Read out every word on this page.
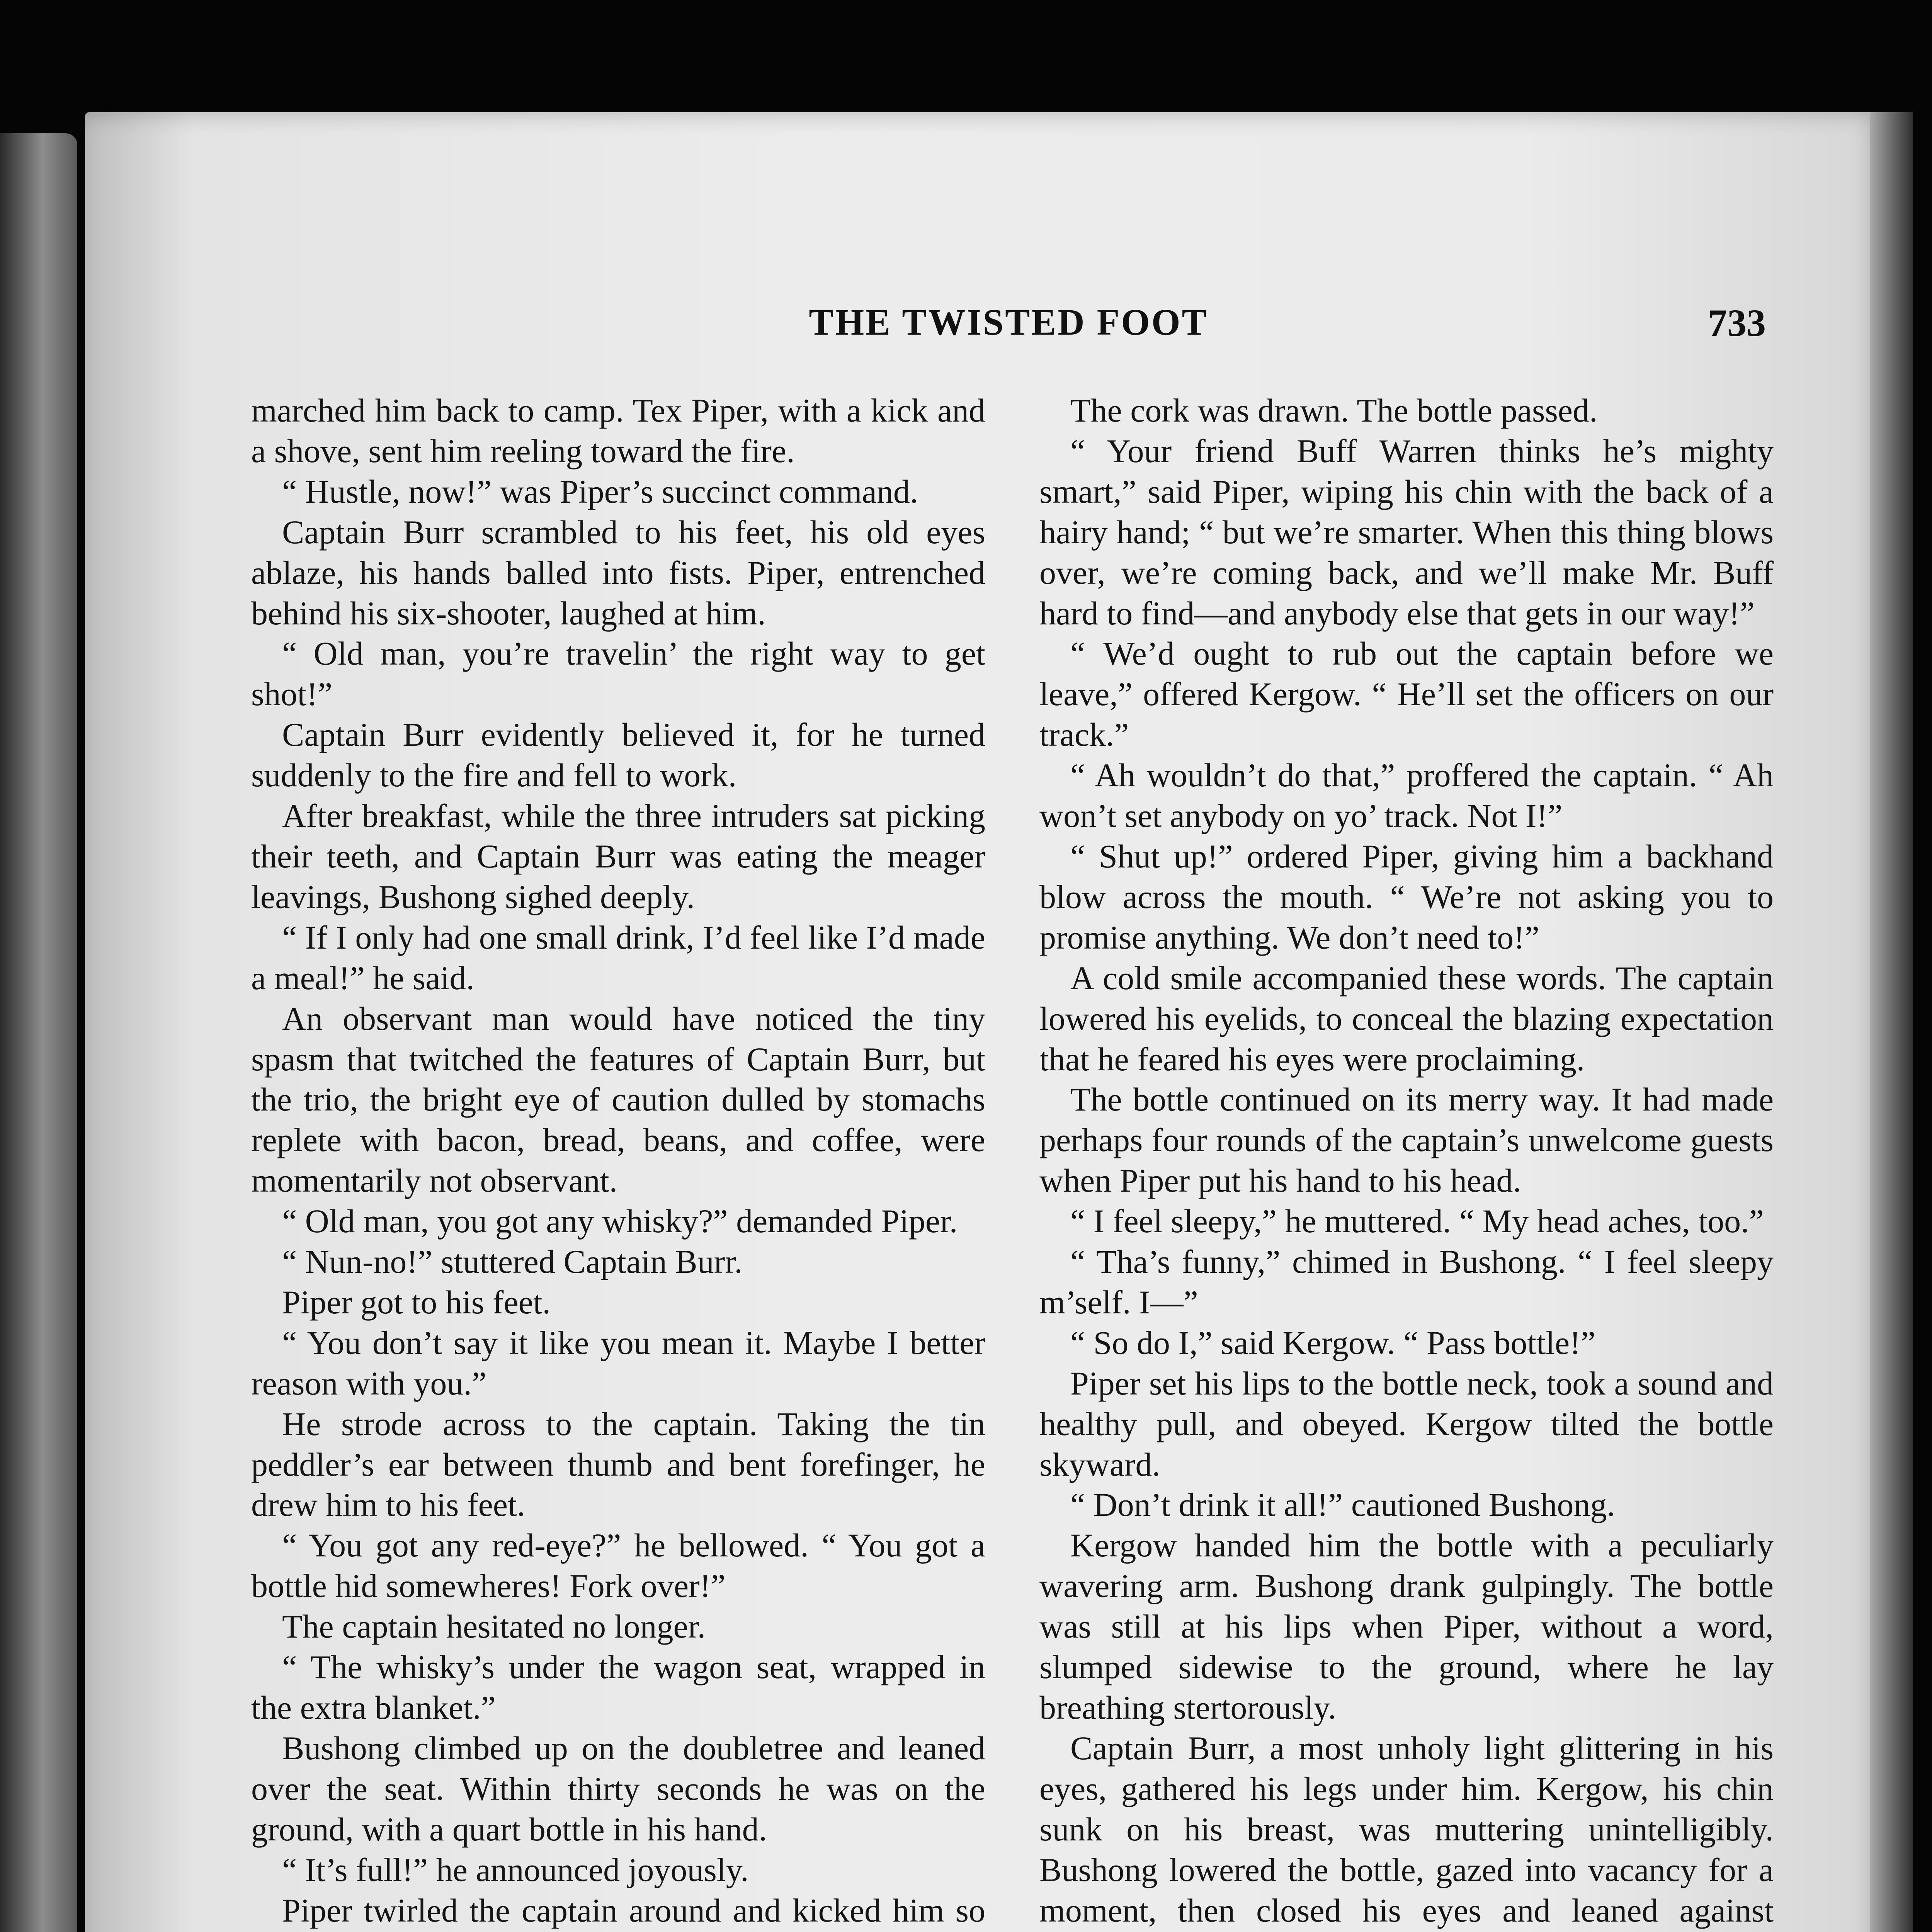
THE TWISTED FOOT	733

marched him back to camp. Tex Piper, with a kick and a shove, sent him reeling toward the fire.

“ Hustle, now!” was Piper’s succinct command.

Captain Burr scrambled to his feet, his old eyes ablaze, his hands balled into fists. Piper, entrenched behind his six-shooter, laughed at him.

“ Old man, you’re travelin’ the right way to get shot!”

Captain Burr evidently believed it, for he turned suddenly to the fire and fell to work.

After breakfast, while the three intruders sat picking their teeth, and Captain Burr was eating the meager leavings, Bushong sighed deeply.

“ If I only had one small drink, I’d feel like I’d made a meal!” he said.

An observant man would have noticed the tiny spasm that twitched the features of Captain Burr, but the trio, the bright eye of caution dulled by stomachs replete with bacon, bread, beans, and coffee, were momentarily not observant.

“ Old man, you got any whisky?” demanded Piper.

“ Nun-no!” stuttered Captain Burr.

Piper got to his feet.

“ You don’t say it like you mean it. Maybe I better reason with you.”

He strode across to the captain. Taking the tin peddler’s ear between thumb and bent forefinger, he drew him to his feet.

“ You got any red-eye?” he bellowed. “ You got a bottle hid somewheres! Fork over!”

The captain hesitated no longer.

“ The whisky’s under the wagon seat, wrapped in the extra blanket.”

Bushong climbed up on the doubletree and leaned over the seat. Within thirty seconds he was on the ground, with a quart bottle in his hand.

“ It’s full!” he announced joyously.

Piper twirled the captain around and kicked him so

The cork was drawn. The bottle passed.

“ Your friend Buff Warren thinks he’s mighty smart,” said Piper, wiping his chin with the back of a hairy hand; “ but we’re smarter. When this thing blows over, we’re coming back, and we’ll make Mr. Buff hard to find—and anybody else that gets in our way!”

“ We’d ought to rub out the captain before we leave,” offered Kergow. “ He’ll set the officers on our track.”

“ Ah wouldn’t do that,” proffered the captain. “ Ah won’t set anybody on yo’ track. Not I!”

“ Shut up!” ordered Piper, giving him a backhand blow across the mouth. “ We’re not asking you to promise anything. We don’t need to!”

A cold smile accompanied these words. The captain lowered his eyelids, to conceal the blazing expectation that he feared his eyes were proclaiming.

The bottle continued on its merry way. It had made perhaps four rounds of the captain’s unwelcome guests when Piper put his hand to his head.

“ I feel sleepy,” he muttered. “ My head aches, too.”

“ Tha’s funny,” chimed in Bushong. “ I feel sleepy m’self. I—”

“ So do I,” said Kergow. “ Pass bottle!”

Piper set his lips to the bottle neck, took a sound and healthy pull, and obeyed. Kergow tilted the bottle skyward.

“ Don’t drink it all!” cautioned Bushong.

Kergow handed him the bottle with a peculiarly wavering arm. Bushong drank gulpingly. The bottle was still at his lips when Piper, without a word, slumped sidewise to the ground, where he lay breathing stertorously.

Captain Burr, a most unholy light glittering in his eyes, gathered his legs under him. Kergow, his chin sunk on his breast, was muttering unintelligibly. Bushong lowered the bottle, gazed into vacancy for a moment, then closed his eyes and leaned against
